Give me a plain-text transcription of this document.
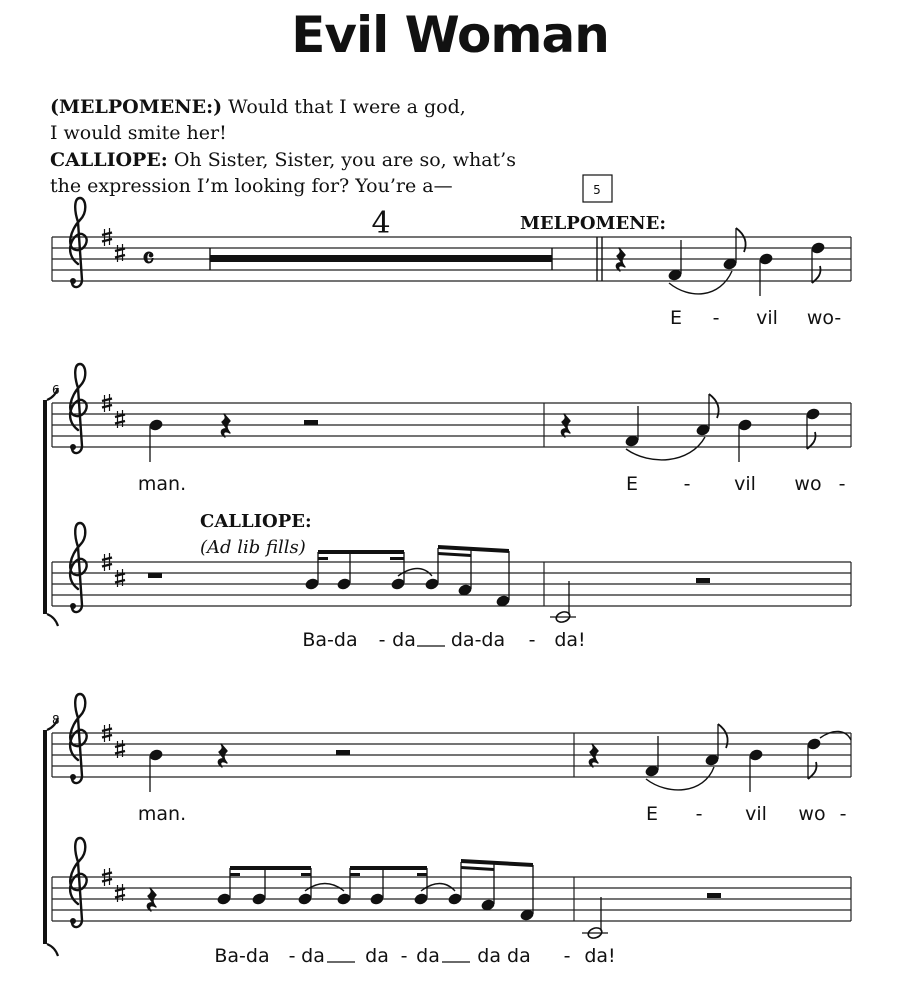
Evil Woman

(MELPOMENE:) Would that I were a god,

I would smite her!

CALLIOPE: Oh Sister, Sister, you are so, what’s

the expression I’m looking for? You’re a—

𝄴
4
5
MELPOMENE:
E - vil wo-
6
man.	E - vil wo -
CALLIOPE:
(Ad lib fills)
Ba-da - da da-da - da!
8
man.	E - vil wo -
Ba-da - da da - da da da - da!
